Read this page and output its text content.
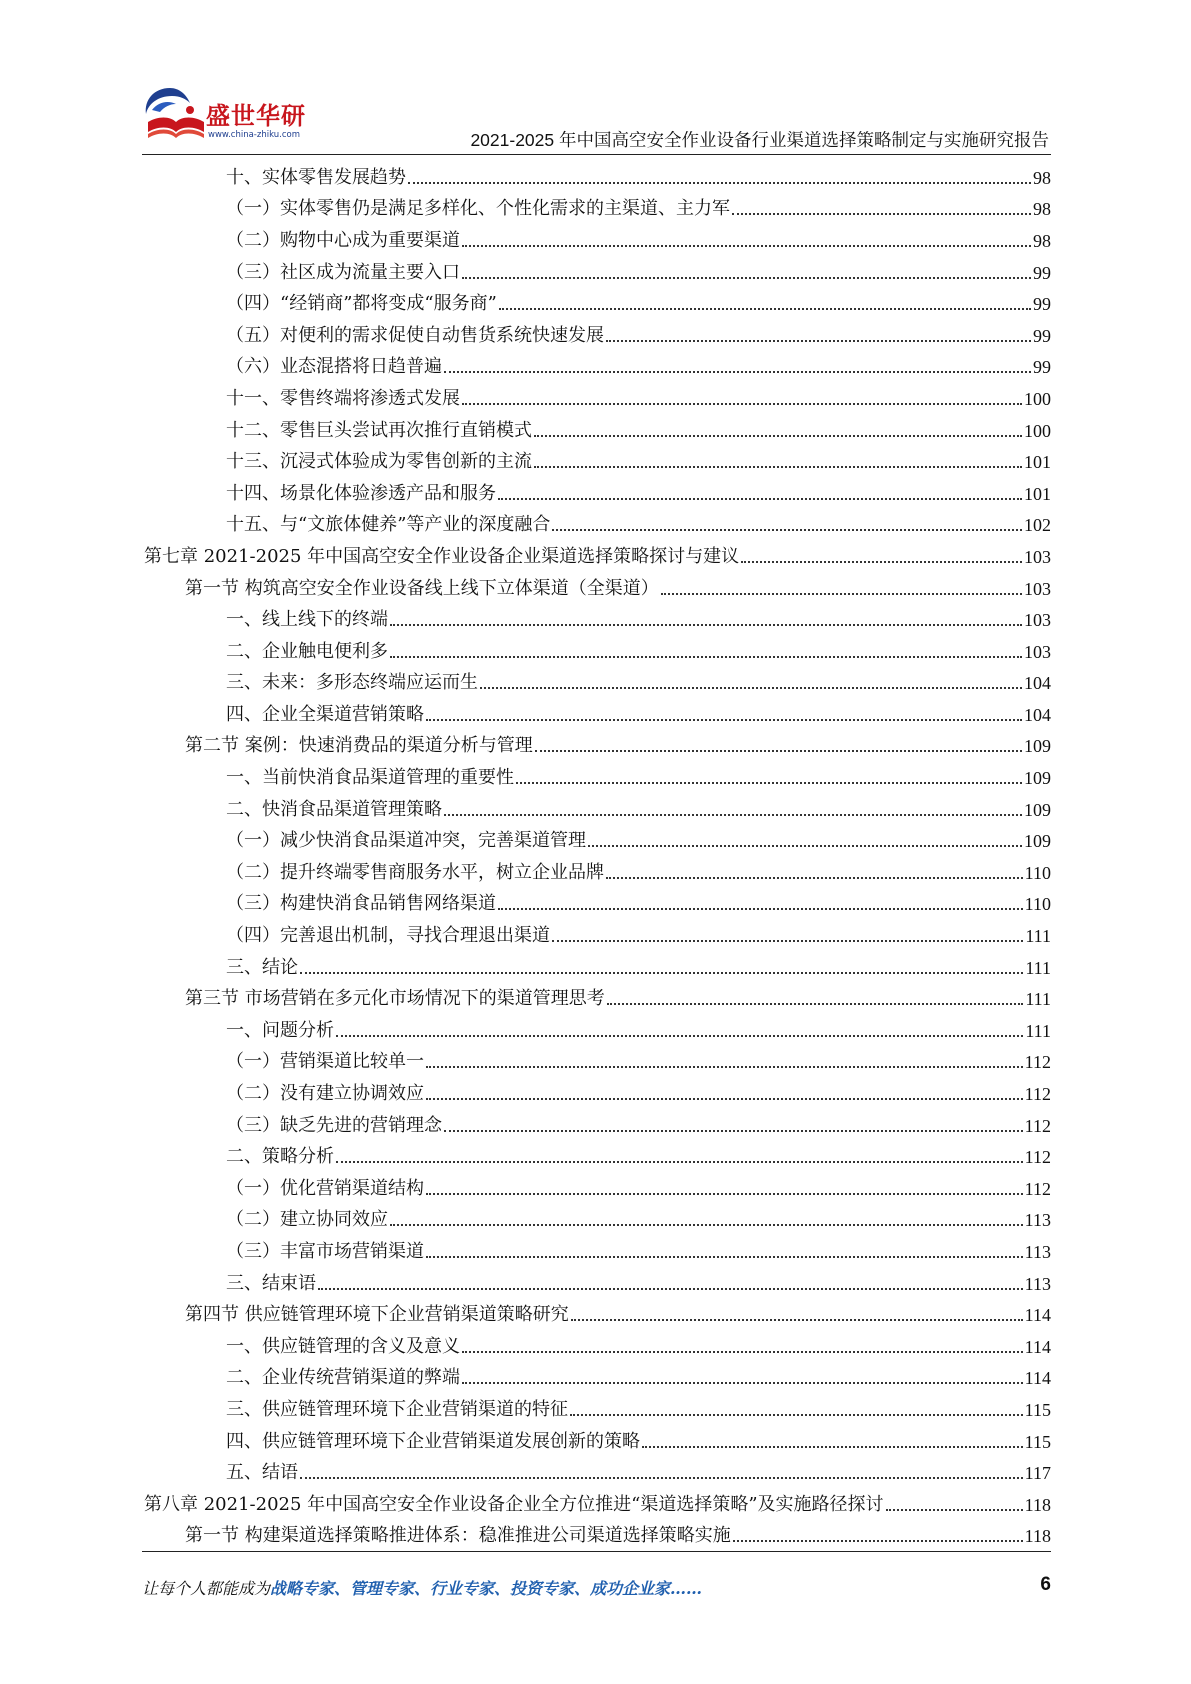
盛世华研
www.china-zhiku.com	2021-2025 年中国高空安全作业设备行业渠道选择策略制定与实施研究报告
十、实体零售发展趋势	98
（一）实体零售仍是满足多样化、个性化需求的主渠道、主力军	98
（二）购物中心成为重要渠道	98
（三）社区成为流量主要入口	99
（四）“经销商”都将变成“服务商”	99
（五）对便利的需求促使自动售货系统快速发展	99
（六）业态混搭将日趋普遍	99
十一、零售终端将渗透式发展	100
十二、零售巨头尝试再次推行直销模式	100
十三、沉浸式体验成为零售创新的主流	101
十四、场景化体验渗透产品和服务	101
十五、与“文旅体健养”等产业的深度融合	102
第七章 2021-2025 年中国高空安全作业设备企业渠道选择策略探讨与建议	103
第一节 构筑高空安全作业设备线上线下立体渠道（全渠道）	103
一、线上线下的终端	103
二、企业触电便利多	103
三、未来：多形态终端应运而生	104
四、企业全渠道营销策略	104
第二节 案例：快速消费品的渠道分析与管理	109
一、当前快消食品渠道管理的重要性	109
二、快消食品渠道管理策略	109
（一）减少快消食品渠道冲突，完善渠道管理	109
（二）提升终端零售商服务水平，树立企业品牌	110
（三）构建快消食品销售网络渠道	110
（四）完善退出机制，寻找合理退出渠道	111
三、结论	111
第三节 市场营销在多元化市场情况下的渠道管理思考	111
一、问题分析	111
（一）营销渠道比较单一	112
（二）没有建立协调效应	112
（三）缺乏先进的营销理念	112
二、策略分析	112
（一）优化营销渠道结构	112
（二）建立协同效应	113
（三）丰富市场营销渠道	113
三、结束语	113
第四节 供应链管理环境下企业营销渠道策略研究	114
一、供应链管理的含义及意义	114
二、企业传统营销渠道的弊端	114
三、供应链管理环境下企业营销渠道的特征	115
四、供应链管理环境下企业营销渠道发展创新的策略	115
五、结语	117
第八章 2021-2025 年中国高空安全作业设备企业全方位推进“渠道选择策略”及实施路径探讨	118
第一节 构建渠道选择策略推进体系：稳准推进公司渠道选择策略实施	118
让每个人都能成为战略专家、管理专家、行业专家、投资专家、成功企业家……	6
